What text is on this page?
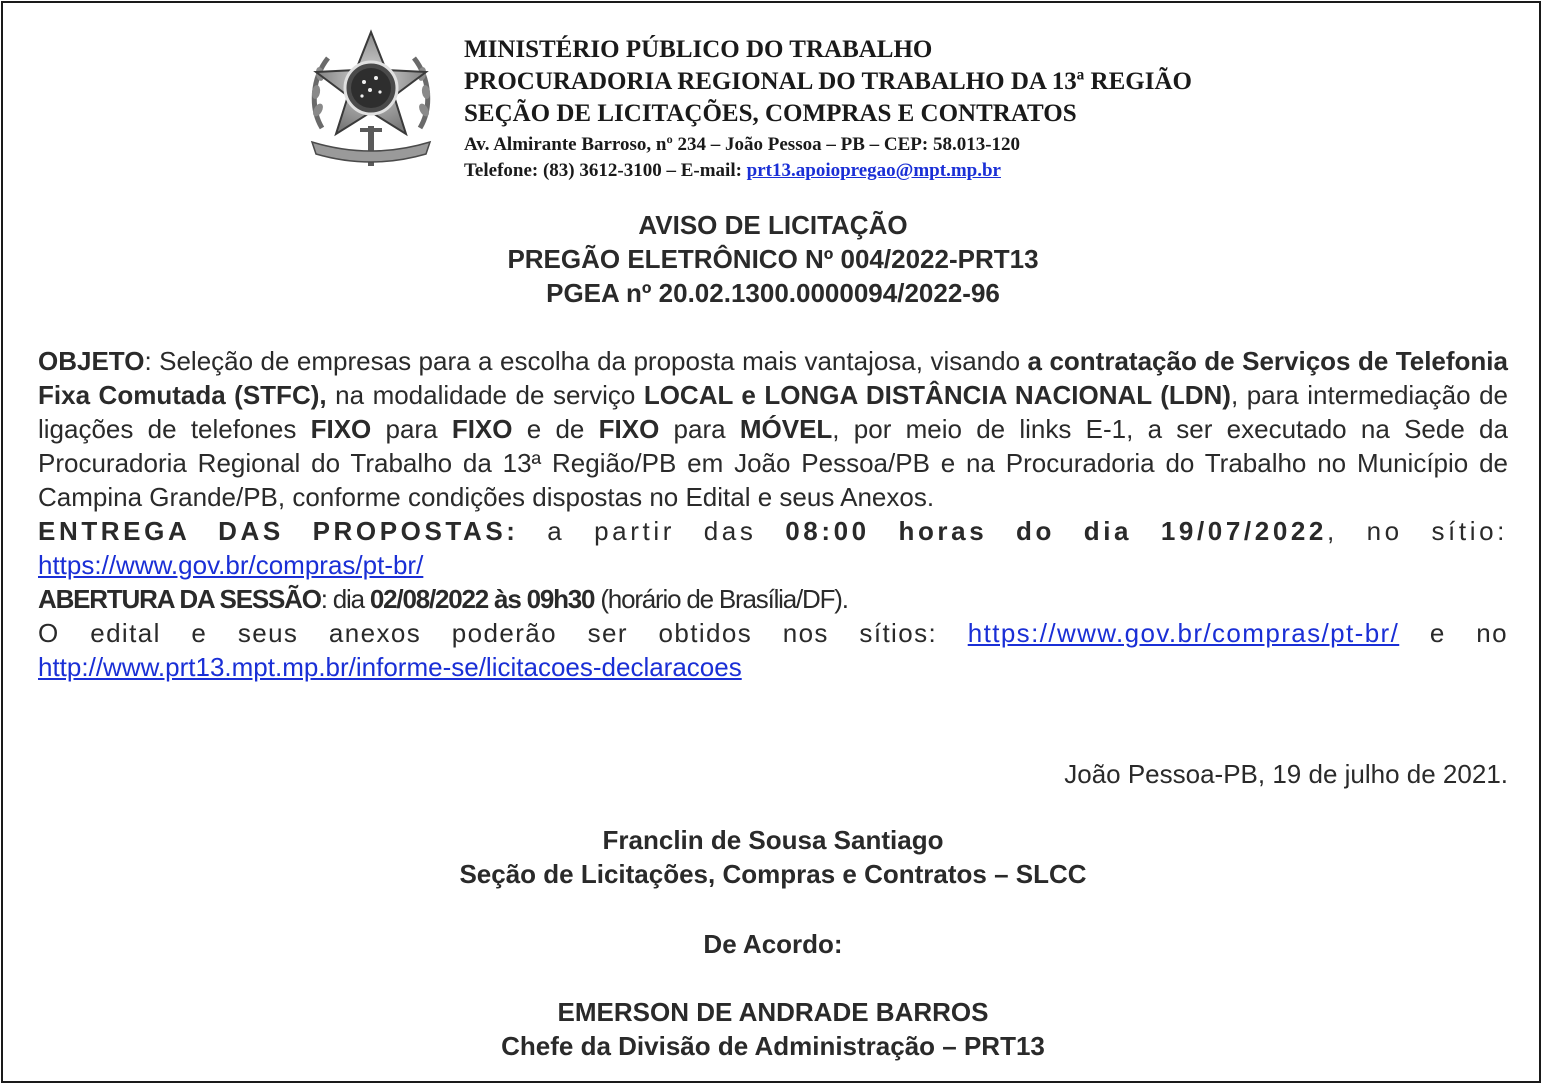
MINISTÉRIO PÚBLICO DO TRABALHO
PROCURADORIA REGIONAL DO TRABALHO DA 13ª REGIÃO
SEÇÃO DE LICITAÇÕES, COMPRAS E CONTRATOS
Av. Almirante Barroso, nº 234 – João Pessoa – PB – CEP: 58.013-120
Telefone: (83) 3612-3100 – E-mail: prt13.apoiopregao@mpt.mp.br
AVISO DE LICITAÇÃO
PREGÃO ELETRÔNICO Nº 004/2022-PRT13
PGEA nº 20.02.1300.0000094/2022-96

OBJETO: Seleção de empresas para a escolha da proposta mais vantajosa, visando a contratação de Serviços de Telefonia Fixa Comutada (STFC), na modalidade de serviço LOCAL e LONGA DISTÂNCIA NACIONAL (LDN), para intermediação de ligações de telefones FIXO para FIXO e de FIXO para MÓVEL, por meio de links E-1, a ser executado na Sede da Procuradoria Regional do Trabalho da 13ª Região/PB em João Pessoa/PB e na Procuradoria do Trabalho no Município de Campina Grande/PB, conforme condições dispostas no Edital e seus Anexos.

ENTREGA DAS PROPOSTAS: a partir das 08:00 horas do dia 19/07/2022, no sítio:
https://www.gov.br/compras/pt-br/
ABERTURA DA SESSÃO: dia 02/08/2022 às 09h30 (horário de Brasília/DF).

O edital e seus anexos poderão ser obtidos nos sítios: https://www.gov.br/compras/pt-br/ e no

http://www.prt13.mpt.mp.br/informe-se/licitacoes-declaracoes
João Pessoa-PB, 19 de julho de 2021.
Franclin de Sousa Santiago
Seção de Licitações, Compras e Contratos – SLCC
De Acordo:
EMERSON DE ANDRADE BARROS
Chefe da Divisão de Administração – PRT13
